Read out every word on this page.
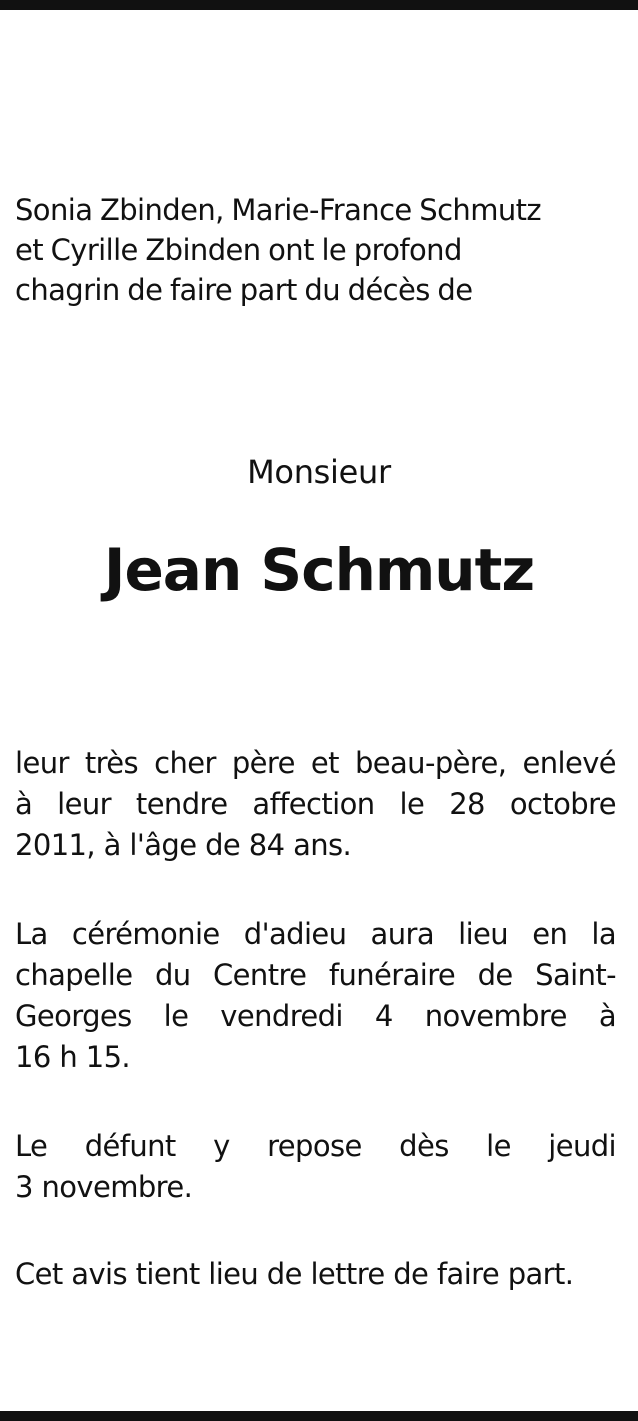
Sonia Zbinden, Marie-France Schmutz
et Cyrille Zbinden ont le profond
chagrin de faire part du décès de

Monsieur

Jean Schmutz

leur très cher père et beau-père, enlevé
à leur tendre affection le 28 octobre
2011, à l'âge de 84 ans.

La cérémonie d'adieu aura lieu en la
chapelle du Centre funéraire de Saint-
Georges le vendredi 4 novembre à
16 h 15.

Le défunt y repose dès le jeudi
3 novembre.

Cet avis tient lieu de lettre de faire part.
